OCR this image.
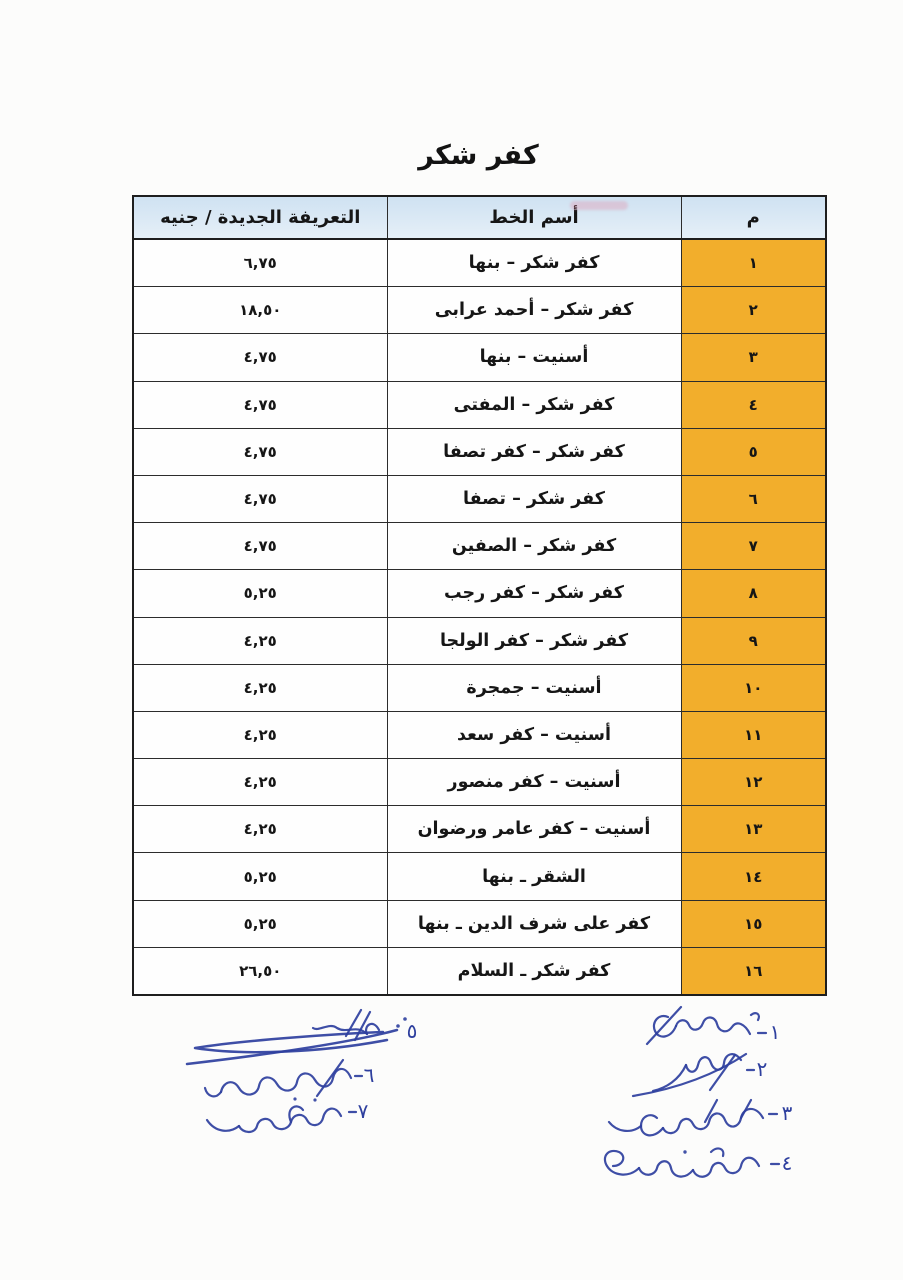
كفر شكر
م	أسم الخط	التعريفة الجديدة / جنيه
١	كفر شكر – بنها	٦,٧٥
٢	كفر شكر – أحمد عرابى	١٨,٥٠
٣	أسنيت – بنها	٤,٧٥
٤	كفر شكر – المفتى	٤,٧٥
٥	كفر شكر – كفر تصفا	٤,٧٥
٦	كفر شكر – تصفا	٤,٧٥
٧	كفر شكر – الصفين	٤,٧٥
٨	كفر شكر – كفر رجب	٥,٢٥
٩	كفر شكر – كفر الولجا	٤,٢٥
١٠	أسنيت – جمجرة	٤,٢٥
١١	أسنيت – كفر سعد	٤,٢٥
١٢	أسنيت – كفر منصور	٤,٢٥
١٣	أسنيت – كفر عامر ورضوان	٤,٢٥
١٤	الشقر ـ بنها	٥,٢٥
١٥	كفر على شرف الدين ـ بنها	٥,٢٥
١٦	كفر شكر ـ السلام	٢٦,٥٠
١
٢
٣
٤
٥
٦
٧
